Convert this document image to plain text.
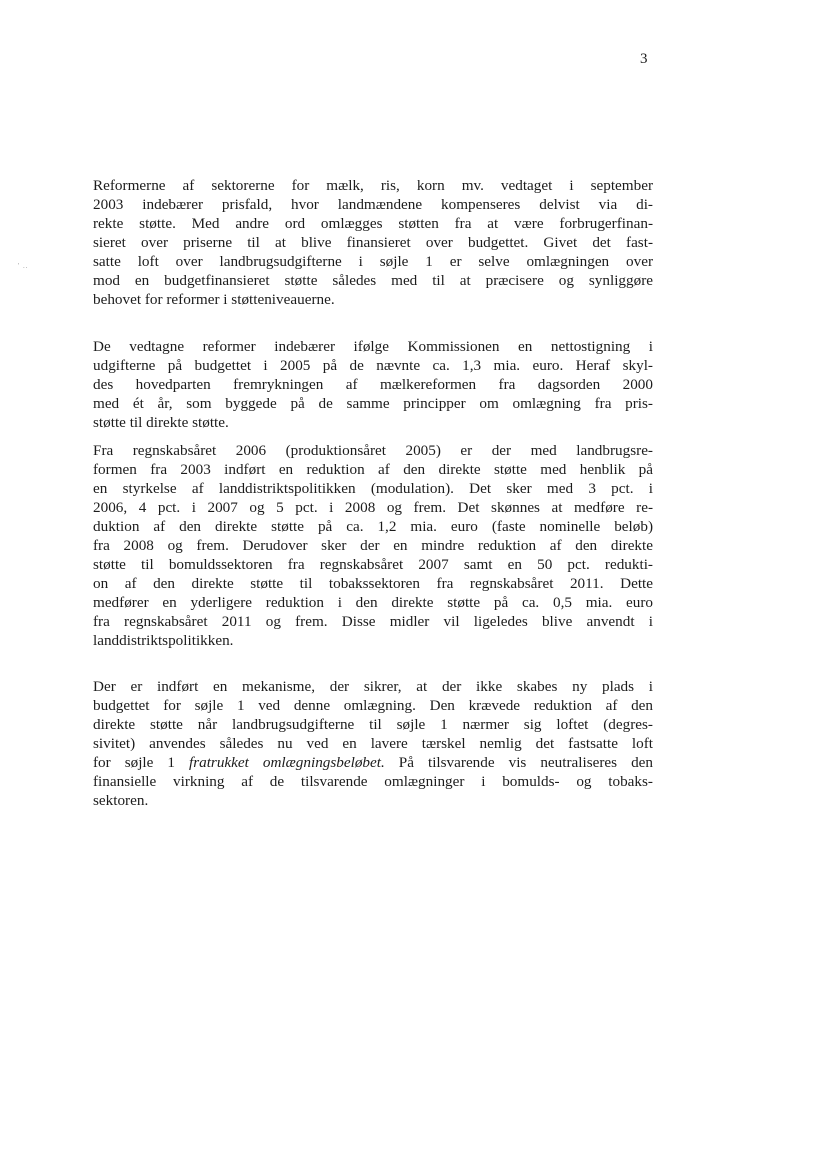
3
' ..
Reformerne af sektorerne for mælk, ris, korn mv. vedtaget i september
2003 indebærer prisfald, hvor landmændene kompenseres delvist via di-
rekte støtte. Med andre ord omlægges støtten fra at være forbrugerfinan-
sieret over priserne til at blive finansieret over budgettet. Givet det fast-
satte loft over landbrugsudgifterne i søjle 1 er selve omlægningen over
mod en budgetfinansieret støtte således med til at præcisere og synliggøre
behovet for reformer i støtteniveauerne.
De vedtagne reformer indebærer ifølge Kommissionen en nettostigning i
udgifterne på budgettet i 2005 på de nævnte ca. 1,3 mia. euro. Heraf skyl-
des hovedparten fremrykningen af mælkereformen fra dagsorden 2000
med ét år, som byggede på de samme principper om omlægning fra pris-
støtte til direkte støtte.
Fra regnskabsåret 2006 (produktionsåret 2005) er der med landbrugsre-
formen fra 2003 indført en reduktion af den direkte støtte med henblik på
en styrkelse af landdistriktspolitikken (modulation). Det sker med 3 pct. i
2006, 4 pct. i 2007 og 5 pct. i 2008 og frem. Det skønnes at medføre re-
duktion af den direkte støtte på ca. 1,2 mia. euro (faste nominelle beløb)
fra 2008 og frem. Derudover sker der en mindre reduktion af den direkte
støtte til bomuldssektoren fra regnskabsåret 2007 samt en 50 pct. redukti-
on af den direkte støtte til tobakssektoren fra regnskabsåret 2011. Dette
medfører en yderligere reduktion i den direkte støtte på ca. 0,5 mia. euro
fra regnskabsåret 2011 og frem. Disse midler vil ligeledes blive anvendt i
landdistriktspolitikken.
Der er indført en mekanisme, der sikrer, at der ikke skabes ny plads i
budgettet for søjle 1 ved denne omlægning. Den krævede reduktion af den
direkte støtte når landbrugsudgifterne til søjle 1 nærmer sig loftet (degres-
sivitet) anvendes således nu ved en lavere tærskel nemlig det fastsatte loft
for søjle 1 fratrukket omlægningsbeløbet. På tilsvarende vis neutraliseres den
finansielle virkning af de tilsvarende omlægninger i bomulds- og tobaks-
sektoren.
